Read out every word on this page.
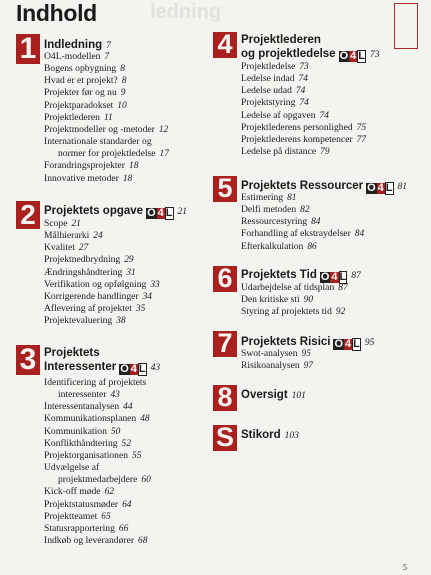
Indhold	ledning
1 Indledning 7
O4L-modellen 7
Bogens opbygning 8
Hvad er et projekt? 8
Projekter før og nu 9
Projektparadokset 10
Projektlederen 11
Projektmodeller og -metoder 12
Internationale standarder og
normer for projektledelse 17
Forandringsprojekter 18
Innovative metoder 18
2 Projektets opgave O 4 L 21
Scope 21
Målhierarki 24
Kvalitet 27
Projektnedbrydning 29
Ændringshåndtering 31
Verifikation og opfølgning 33
Korrigerende handlinger 34
Aflevering af projektet 35
Projektevaluering 38
3 Projektets
Interessenter O 4 L 43
Identificering af projektets
interessenter 43
Interessentanalysen 44
Kommunikationsplanen 48
Kommunikation 50
Konflikthåndtering 52
Projektorganisationen 55
Udvælgelse af
projektmedarbejdere 60
Kick-off møde 62
Projektstatusmøder 64
Projektteamet 65
Statusrapportering 66
Indkøb og leverandører 68
4 Projektlederen
og projektledelse O 4 L 73
Projektledelse 73
Ledelse indad 74
Ledelse udad 74
Projektstyring 74
Ledelse af opgaven 74
Projektlederens personlighed 75
Projektlederens kompetencer 77
Ledelse på distance 79
5 Projektets Ressourcer O 4 L 81
Estimering 81
Delfi metoden 82
Ressourcestyring 84
Forhandling af ekstraydelser 84
Efterkalkulation 86
6 Projektets Tid O 4 L 87
Udarbejdelse af tidsplan 87
Den kritiske sti 90
Styring af projektets tid 92
7 Projektets Risici O 4 L 95
Swot-analysen 95
Risikoanalysen 97
8 Oversigt 101
S Stikord 103
5
